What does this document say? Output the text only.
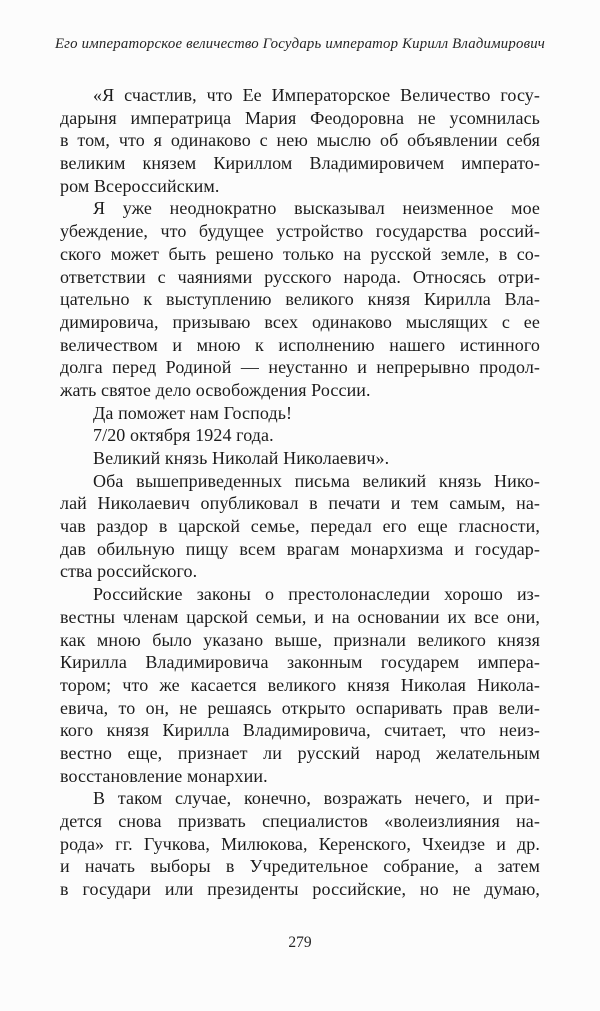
Его императорское величество Государь император Кирилл Владимирович
«Я счастлив, что Ее Императорское Величество госу-
дарыня императрица Мария Феодоровна не усомнилась
в том, что я одинаково с нею мыслю об объявлении себя
великим князем Кириллом Владимировичем императо-
ром Всероссийским.
Я уже неоднократно высказывал неизменное мое
убеждение, что будущее устройство государства россий-
ского может быть решено только на русской земле, в со-
ответствии с чаяниями русского народа. Относясь отри-
цательно к выступлению великого князя Кирилла Вла-
димировича, призываю всех одинаково мыслящих с ее
величеством и мною к исполнению нашего истинного
долга перед Родиной — неустанно и непрерывно продол-
жать святое дело освобождения России.
Да поможет нам Господь!
7/20 октября 1924 года.
Великий князь Николай Николаевич».
Оба вышеприведенных письма великий князь Нико-
лай Николаевич опубликовал в печати и тем самым, на-
чав раздор в царской семье, передал его еще гласности,
дав обильную пищу всем врагам монархизма и государ-
ства российского.
Российские законы о престолонаследии хорошо из-
вестны членам царской семьи, и на основании их все они,
как мною было указано выше, признали великого князя
Кирилла Владимировича законным государем импера-
тором; что же касается великого князя Николая Никола-
евича, то он, не решаясь открыто оспаривать прав вели-
кого князя Кирилла Владимировича, считает, что неиз-
вестно еще, признает ли русский народ желательным
восстановление монархии.
В таком случае, конечно, возражать нечего, и при-
дется снова призвать специалистов «волеизлияния на-
рода» гг. Гучкова, Милюкова, Керенского, Чхеидзе и др.
и начать выборы в Учредительное собрание, а затем
в государи или президенты российские, но не думаю,
279
